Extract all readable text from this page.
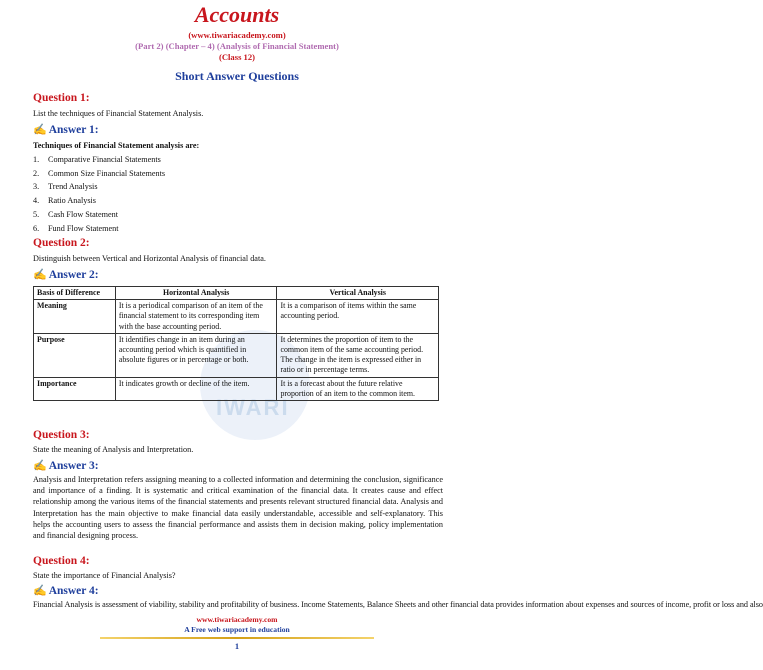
Accounts
(www.tiwariacademy.com)
(Part 2) (Chapter – 4) (Analysis of Financial Statement)
(Class 12)
Short Answer Questions
Question 1:
List the techniques of Financial Statement Analysis.
✍ Answer 1:
Techniques of Financial Statement analysis are:
1. Comparative Financial Statements
2. Common Size Financial Statements
3. Trend Analysis
4. Ratio Analysis
5. Cash Flow Statement
6. Fund Flow Statement
Question 2:
Distinguish between Vertical and Horizontal Analysis of financial data.
✍ Answer 2:
IWARI
Basis of Difference	Horizontal Analysis	Vertical Analysis
Meaning	It is a periodical comparison of an item of the financial statement to its corresponding item with the base accounting period.	It is a comparison of items within the same accounting period.
Purpose	It identifies change in an item during an accounting period which is quantified in absolute figures or in percentage or both.	It determines the proportion of item to the common item of the same accounting period. The change in the item is expressed either in ratio or in percentage terms.
Importance	It indicates growth or decline of the item.	It is a forecast about the future relative proportion of an item to the common item.
Question 3:
State the meaning of Analysis and Interpretation.
✍ Answer 3:
Analysis and Interpretation refers assigning meaning to a collected information and determining the conclusion, significance and importance of a finding. It is systematic and critical examination of the financial data. It creates cause and effect relationship among the various items of the financial statements and presents relevant structured financial data. Analysis and Interpretation has the main objective to make financial data easily understandable, accessible and self-explanatory. This helps the accounting users to assess the financial performance and assists them in decision making, policy implementation and financial designing process.
Question 4:
State the importance of Financial Analysis?
✍ Answer 4:
Financial Analysis is assessment of viability, stability and profitability of business. Income Statements, Balance Sheets and other financial data provides information about expenses and sources of income, profit or loss and also
www.tiwariacademy.com
A Free web support in education
1
